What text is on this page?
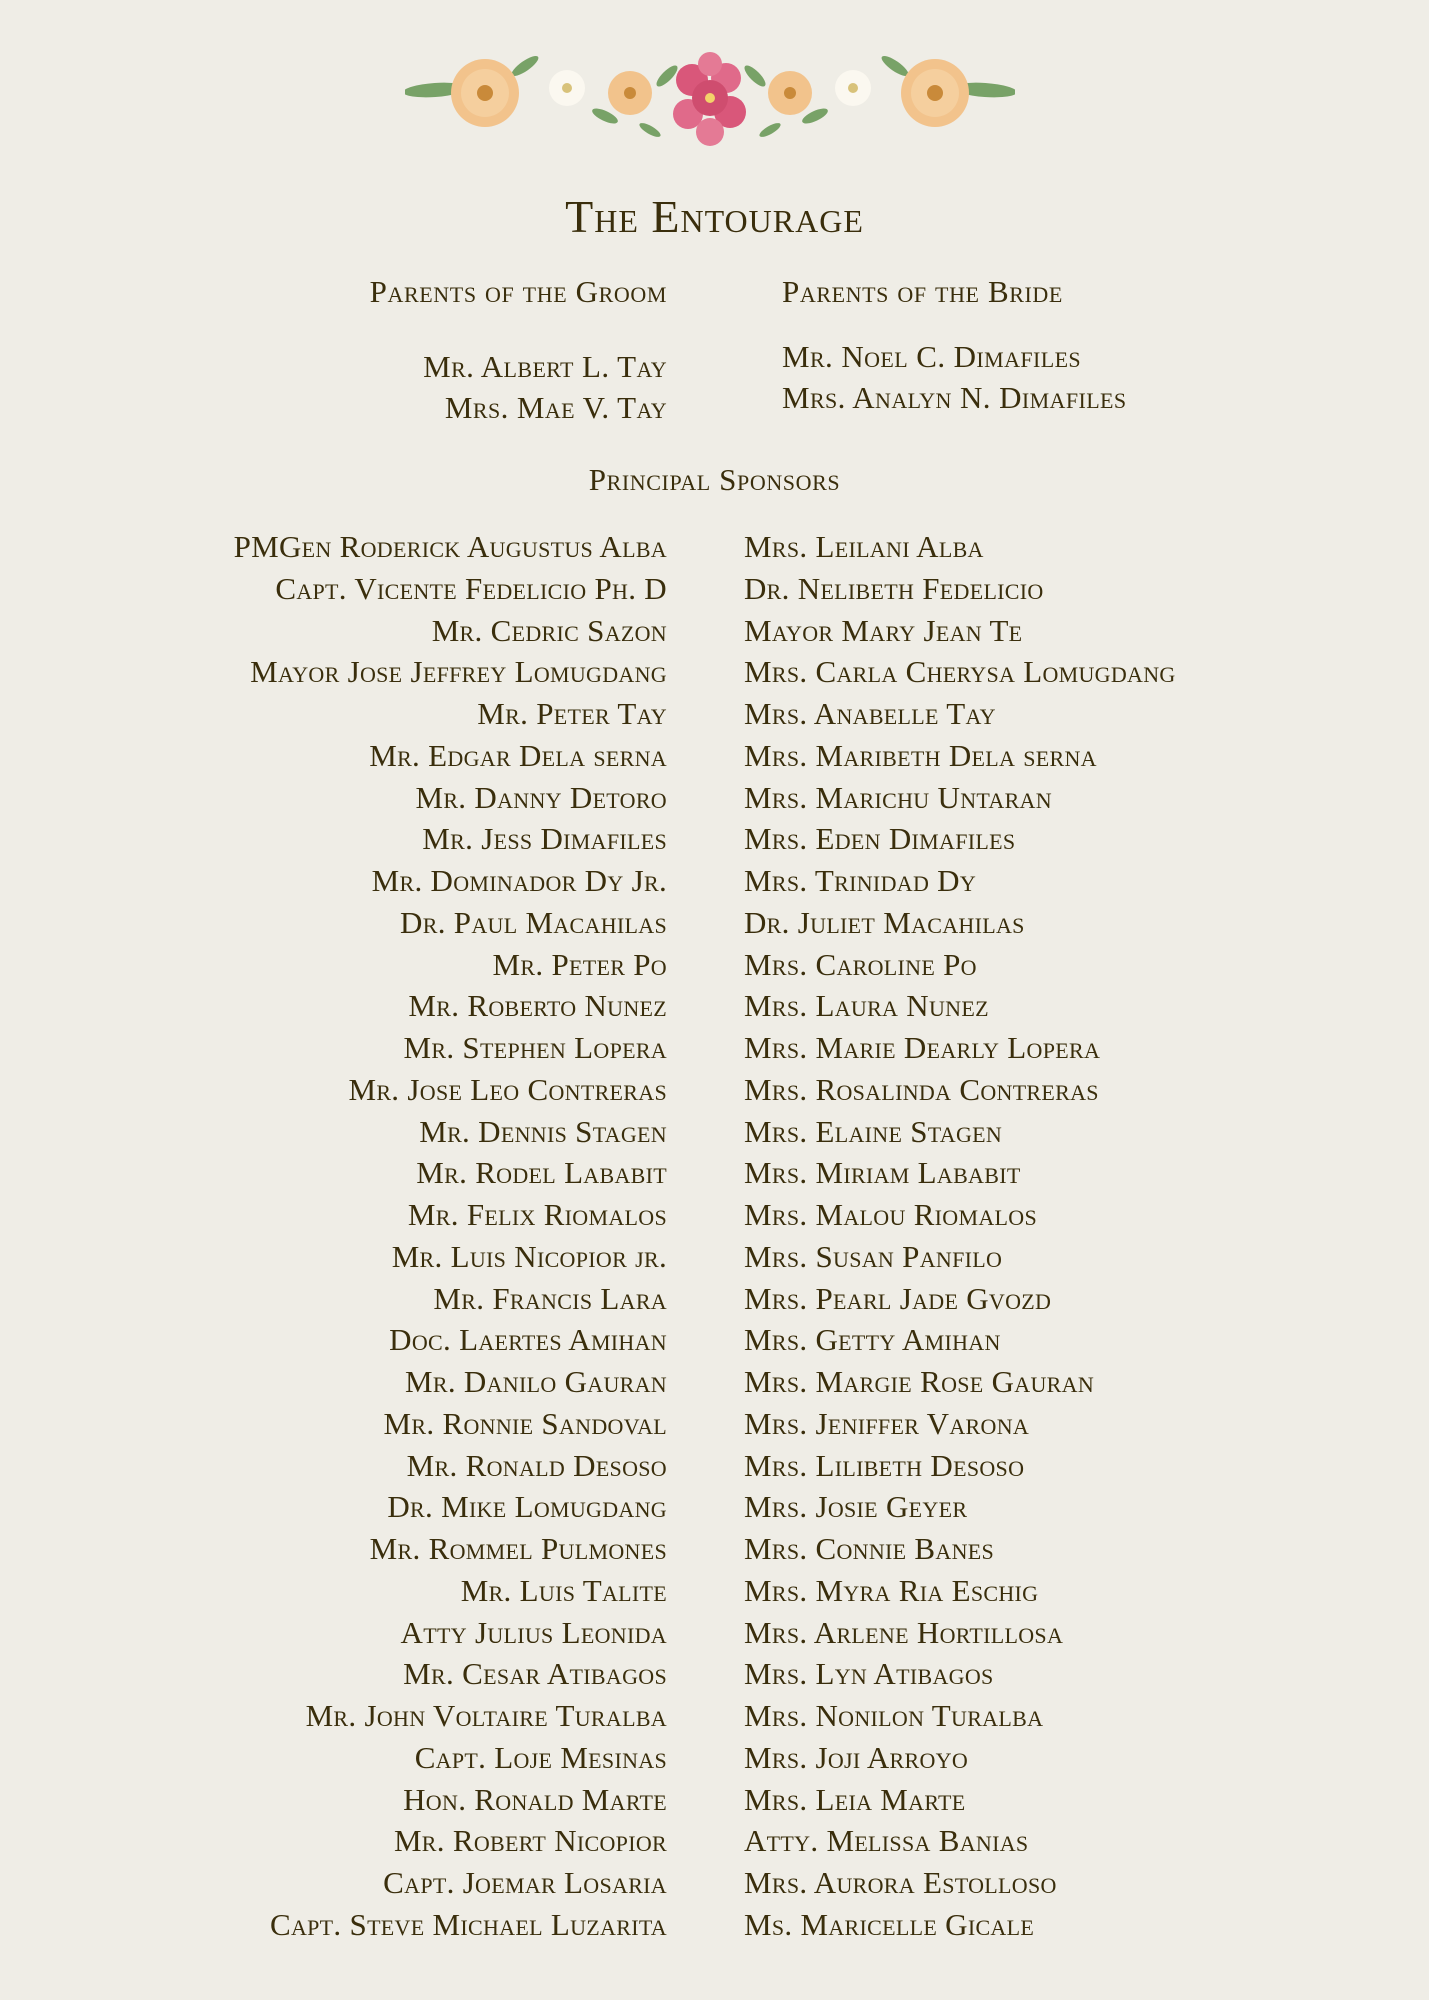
The Entourage
Parents of the Groom	Parents of the Bride
Mr. Albert L. Tay
Mrs. Mae V. Tay
Mr. Noel C. Dimafiles
Mrs. Analyn N. Dimafiles
Principal Sponsors
PMGen Roderick Augustus Alba
Capt. Vicente Fedelicio Ph. D
Mr. Cedric Sazon
Mayor Jose Jeffrey Lomugdang
Mr. Peter Tay
Mr. Edgar Dela serna
Mr. Danny Detoro
Mr. Jess Dimafiles
Mr. Dominador Dy Jr.
Dr. Paul Macahilas
Mr. Peter Po
Mr. Roberto Nunez
Mr. Stephen Lopera
Mr. Jose Leo Contreras
Mr. Dennis Stagen
Mr. Rodel Lababit
Mr. Felix Riomalos
Mr. Luis Nicopior jr.
Mr. Francis Lara
Doc. Laertes Amihan
Mr. Danilo Gauran
Mr. Ronnie Sandoval
Mr. Ronald Desoso
Dr. Mike Lomugdang
Mr. Rommel Pulmones
Mr. Luis Talite
Atty Julius Leonida
Mr. Cesar Atibagos
Mr. John Voltaire Turalba
Capt. Loje Mesinas
Hon. Ronald Marte
Mr. Robert Nicopior
Capt. Joemar Losaria
Capt. Steve Michael Luzarita
Mrs. Leilani Alba
Dr. Nelibeth Fedelicio
Mayor Mary Jean Te
Mrs. Carla Cherysa Lomugdang
Mrs. Anabelle Tay
Mrs. Maribeth Dela serna
Mrs. Marichu Untaran
Mrs. Eden Dimafiles
Mrs. Trinidad Dy
Dr. Juliet Macahilas
Mrs. Caroline Po
Mrs. Laura Nunez
Mrs. Marie Dearly Lopera
Mrs. Rosalinda Contreras
Mrs. Elaine Stagen
Mrs. Miriam Lababit
Mrs. Malou Riomalos
Mrs. Susan Panfilo
Mrs. Pearl Jade Gvozd
Mrs. Getty Amihan
Mrs. Margie Rose Gauran
Mrs. Jeniffer Varona
Mrs. Lilibeth Desoso
Mrs. Josie Geyer
Mrs. Connie Banes
Mrs. Myra Ria Eschig
Mrs. Arlene Hortillosa
Mrs. Lyn Atibagos
Mrs. Nonilon Turalba
Mrs. Joji Arroyo
Mrs. Leia Marte
Atty. Melissa Banias
Mrs. Aurora Estolloso
Ms. Maricelle Gicale
